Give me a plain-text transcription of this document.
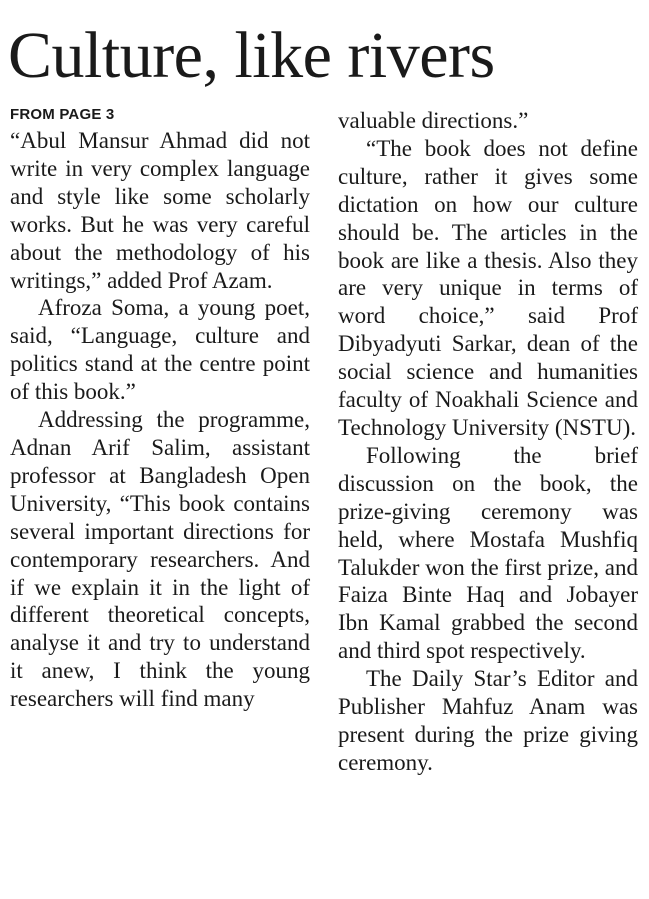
Culture, like rivers
FROM PAGE 3

“Abul Mansur Ahmad did not write in very complex language and style like some scholarly works. But he was very careful about the methodology of his writings,” added Prof Azam.

Afroza Soma, a young poet, said, “Language, culture and politics stand at the centre point of this book.”

Addressing the programme, Adnan Arif Salim, assistant professor at Bangladesh Open University, “This book contains several important directions for contemporary researchers. And if we explain it in the light of different theoretical concepts, analyse it and try to understand it anew, I think the young researchers will find many

valuable directions.”

“The book does not define culture, rather it gives some dictation on how our culture should be. The articles in the book are like a thesis. Also they are very unique in terms of word choice,” said Prof Dibyadyuti Sarkar, dean of the social science and humanities faculty of Noakhali Science and Technology University (NSTU).

Following the brief discussion on the book, the prize-giving ceremony was held, where Mostafa Mushfiq Talukder won the first prize, and Faiza Binte Haq and Jobayer Ibn Kamal grabbed the second and third spot respectively.

The Daily Star’s Editor and Publisher Mahfuz Anam was present during the prize giving ceremony.
